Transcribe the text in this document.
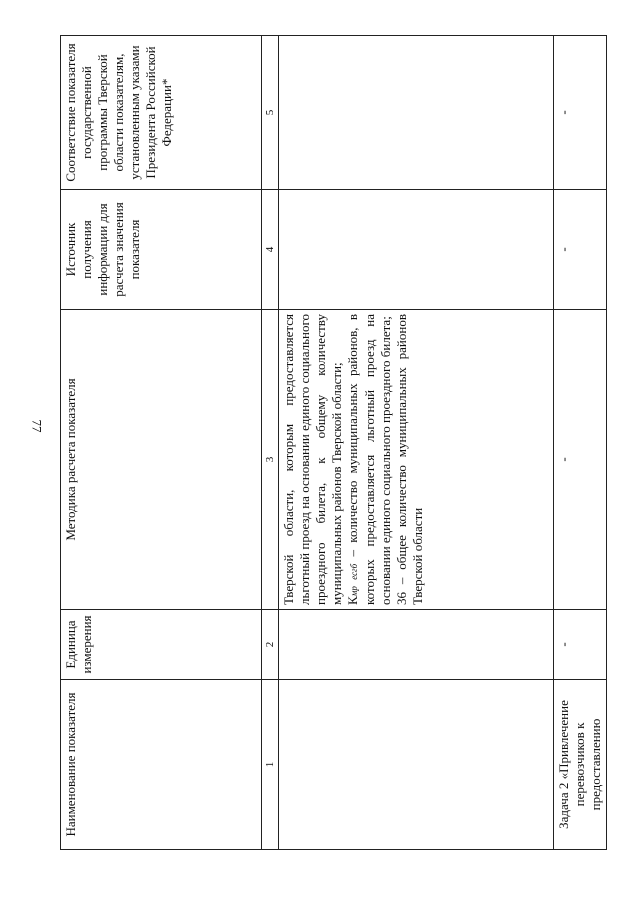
77
Наименование показателя	Единица измерения	Методика расчета показателя	Источник получения информации для расчета значения показателя	Соответствие показателя государственной программы Тверской области показателям, установленным указами Президента Российской Федерации*
1	2	3	4	5
		Тверской области, которым предоставляется льготный проезд на основании единого социального проездного билета, к общему количеству муниципальных районов Тверской области;
Кмр есгб – количество муниципальных районов, в которых предоставляется льготный проезд на основании единого социального проездного билета;
36 – общее количество муниципальных районов Тверской области		
Задача 2 «Привлечение перевозчиков к предоставлению	-	-	-	-
